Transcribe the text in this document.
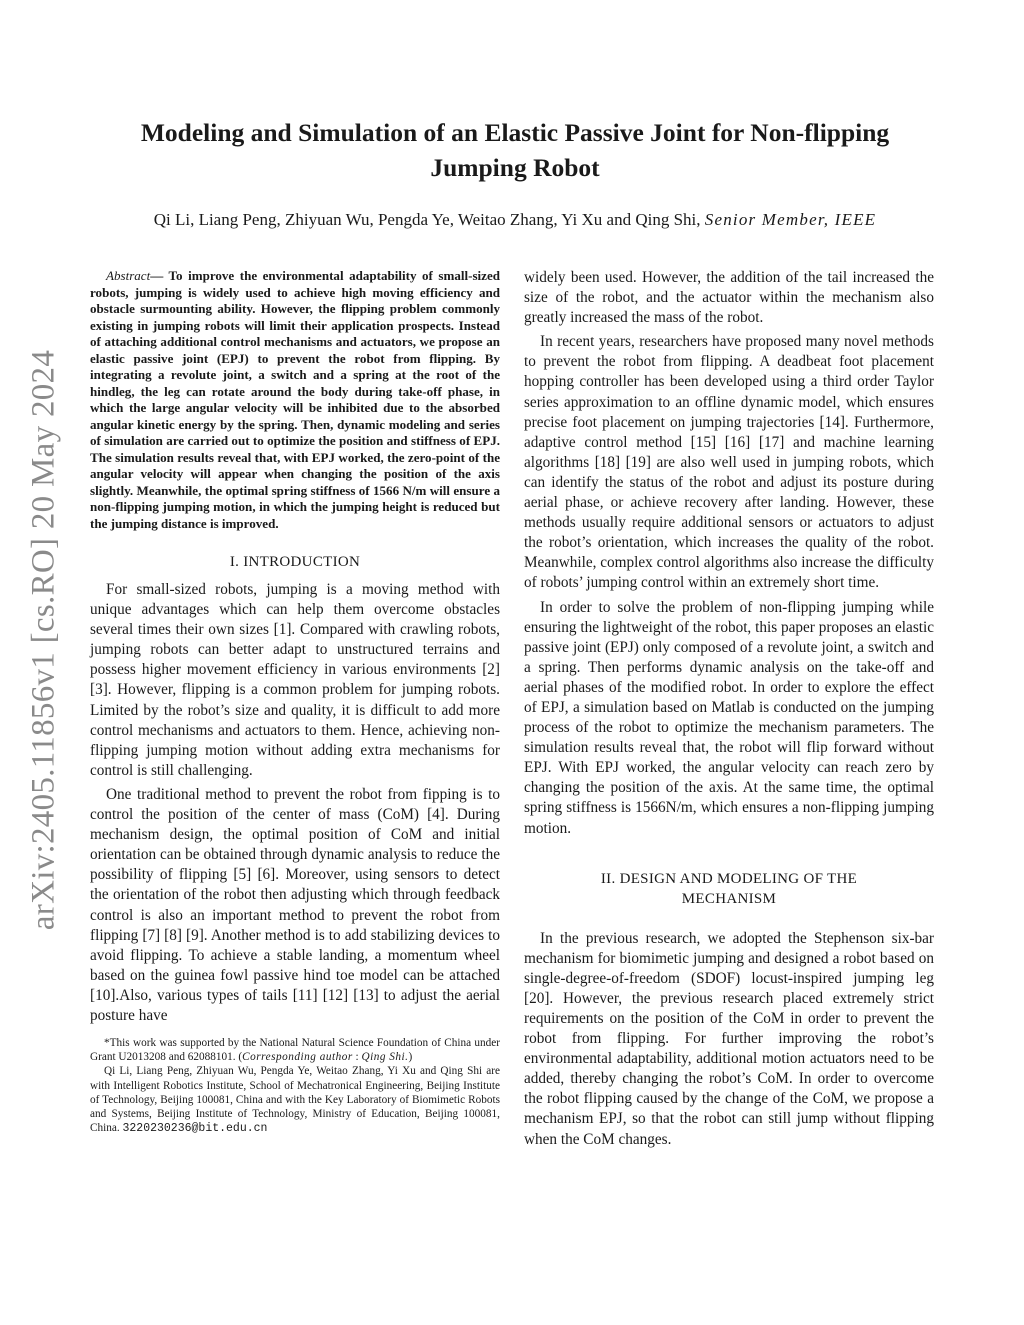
arXiv:2405.11856v1 [cs.RO] 20 May 2024
Modeling and Simulation of an Elastic Passive Joint for Non-flipping Jumping Robot
Qi Li, Liang Peng, Zhiyuan Wu, Pengda Ye, Weitao Zhang, Yi Xu and Qing Shi, Senior Member, IEEE

Abstract— To improve the environmental adaptability of small-sized robots, jumping is widely used to achieve high moving efficiency and obstacle surmounting ability. However, the flipping problem commonly existing in jumping robots will limit their application prospects. Instead of attaching additional control mechanisms and actuators, we propose an elastic passive joint (EPJ) to prevent the robot from flipping. By integrating a revolute joint, a switch and a spring at the root of the hindleg, the leg can rotate around the body during take-off phase, in which the large angular velocity will be inhibited due to the absorbed angular kinetic energy by the spring. Then, dynamic modeling and series of simulation are carried out to optimize the position and stiffness of EPJ. The simulation results reveal that, with EPJ worked, the zero-point of the angular velocity will appear when changing the position of the axis slightly. Meanwhile, the optimal spring stiffness of 1566 N/m will ensure a non-flipping jumping motion, in which the jumping height is reduced but the jumping distance is improved.

I. INTRODUCTION

For small-sized robots, jumping is a moving method with unique advantages which can help them overcome obstacles several times their own sizes [1]. Compared with crawling robots, jumping robots can better adapt to unstructured terrains and possess higher movement efficiency in various environments [2] [3]. However, flipping is a common problem for jumping robots. Limited by the robot’s size and quality, it is difficult to add more control mechanisms and actuators to them. Hence, achieving non-flipping jumping motion without adding extra mechanisms for control is still challenging.

One traditional method to prevent the robot from fipping is to control the position of the center of mass (CoM) [4]. During mechanism design, the optimal position of CoM and initial orientation can be obtained through dynamic analysis to reduce the possibility of flipping [5] [6]. Moreover, using sensors to detect the orientation of the robot then adjusting which through feedback control is also an important method to prevent the robot from flipping [7] [8] [9]. Another method is to add stabilizing devices to avoid flipping. To achieve a stable landing, a momentum wheel based on the guinea fowl passive hind toe model can be attached [10].Also, various types of tails [11] [12] [13] to adjust the aerial posture have

*This work was supported by the National Natural Science Foundation of China under Grant U2013208 and 62088101. (Corresponding author : Qing Shi.)

Qi Li, Liang Peng, Zhiyuan Wu, Pengda Ye, Weitao Zhang, Yi Xu and Qing Shi are with Intelligent Robotics Institute, School of Mechatronical Engineering, Beijing Institute of Technology, Beijing 100081, China and with the Key Laboratory of Biomimetic Robots and Systems, Beijing Institute of Technology, Ministry of Education, Beijing 100081, China. 3220230236@bit.edu.cn

widely been used. However, the addition of the tail increased the size of the robot, and the actuator within the mechanism also greatly increased the mass of the robot.

In recent years, researchers have proposed many novel methods to prevent the robot from flipping. A deadbeat foot placement hopping controller has been developed using a third order Taylor series approximation to an offline dynamic model, which ensures precise foot placement on jumping trajectories [14]. Furthermore, adaptive control method [15] [16] [17] and machine learning algorithms [18] [19] are also well used in jumping robots, which can identify the status of the robot and adjust its posture during aerial phase, or achieve recovery after landing. However, these methods usually require additional sensors or actuators to adjust the robot’s orientation, which increases the quality of the robot. Meanwhile, complex control algorithms also increase the difficulty of robots’ jumping control within an extremely short time.

In order to solve the problem of non-flipping jumping while ensuring the lightweight of the robot, this paper proposes an elastic passive joint (EPJ) only composed of a revolute joint, a switch and a spring. Then performs dynamic analysis on the take-off and aerial phases of the modified robot. In order to explore the effect of EPJ, a simulation based on Matlab is conducted on the jumping process of the robot to optimize the mechanism parameters. The simulation results reveal that, the robot will flip forward without EPJ. With EPJ worked, the angular velocity can reach zero by changing the position of the axis. At the same time, the optimal spring stiffness is 1566N/m, which ensures a non-flipping jumping motion.

II. DESIGN AND MODELING OF THE
MECHANISM

In the previous research, we adopted the Stephenson six-bar mechanism for biomimetic jumping and designed a robot based on single-degree-of-freedom (SDOF) locust-inspired jumping leg [20]. However, the previous research placed extremely strict requirements on the position of the CoM in order to prevent the robot from flipping. For further improving the robot’s environmental adaptability, additional motion actuators need to be added, thereby changing the robot’s CoM. In order to overcome the robot flipping caused by the change of the CoM, we propose a mechanism EPJ, so that the robot can still jump without flipping when the CoM changes.
